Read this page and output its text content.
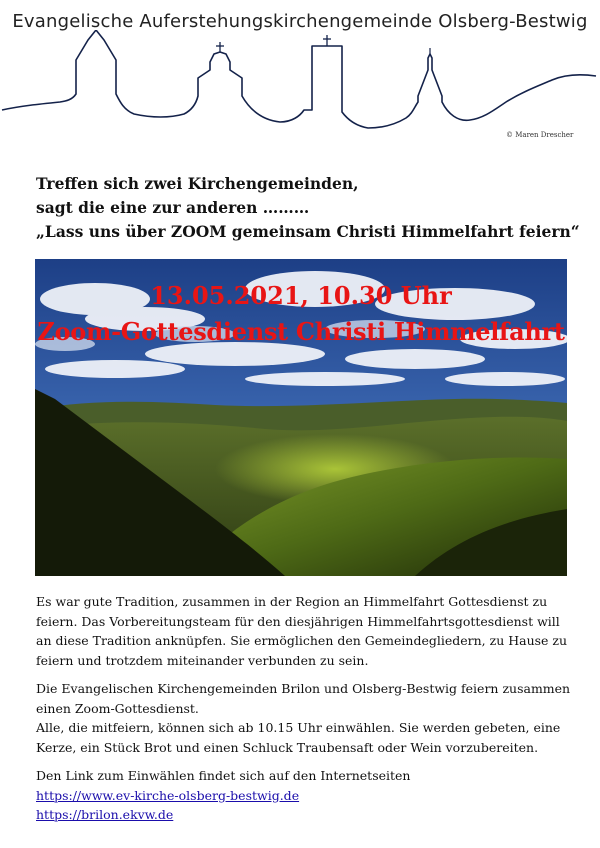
Evangelische Auferstehungskirchengemeinde Olsberg-Bestwig
© Maren Drescher
Treffen sich zwei Kirchengemeinden,
sagt die eine zur anderen ………
„Lass uns über ZOOM gemeinsam Christi Himmelfahrt feiern“
13.05.2021, 10.30 Uhr
Zoom-Gottesdienst Christi Himmelfahrt

Es war gute Tradition, zusammen in der Region an Himmelfahrt Gottesdienst zu feiern. Das Vorbereitungsteam für den diesjährigen Himmelfahrtsgottesdienst will an diese Tradition anknüpfen. Sie ermöglichen den Gemeindegliedern, zu Hause zu feiern und trotzdem miteinander verbunden zu sein.

Die Evangelischen Kirchengemeinden Brilon und Olsberg-Bestwig feiern zusammen einen Zoom-Gottesdienst.
Alle, die mitfeiern, können sich ab 10.15 Uhr einwählen. Sie werden gebeten, eine Kerze, ein Stück Brot und einen Schluck Traubensaft oder Wein vorzubereiten.

Den Link zum Einwählen findet sich auf den Internetseiten
https://www.ev-kirche-olsberg-bestwig.de
https://brilon.ekvw.de
